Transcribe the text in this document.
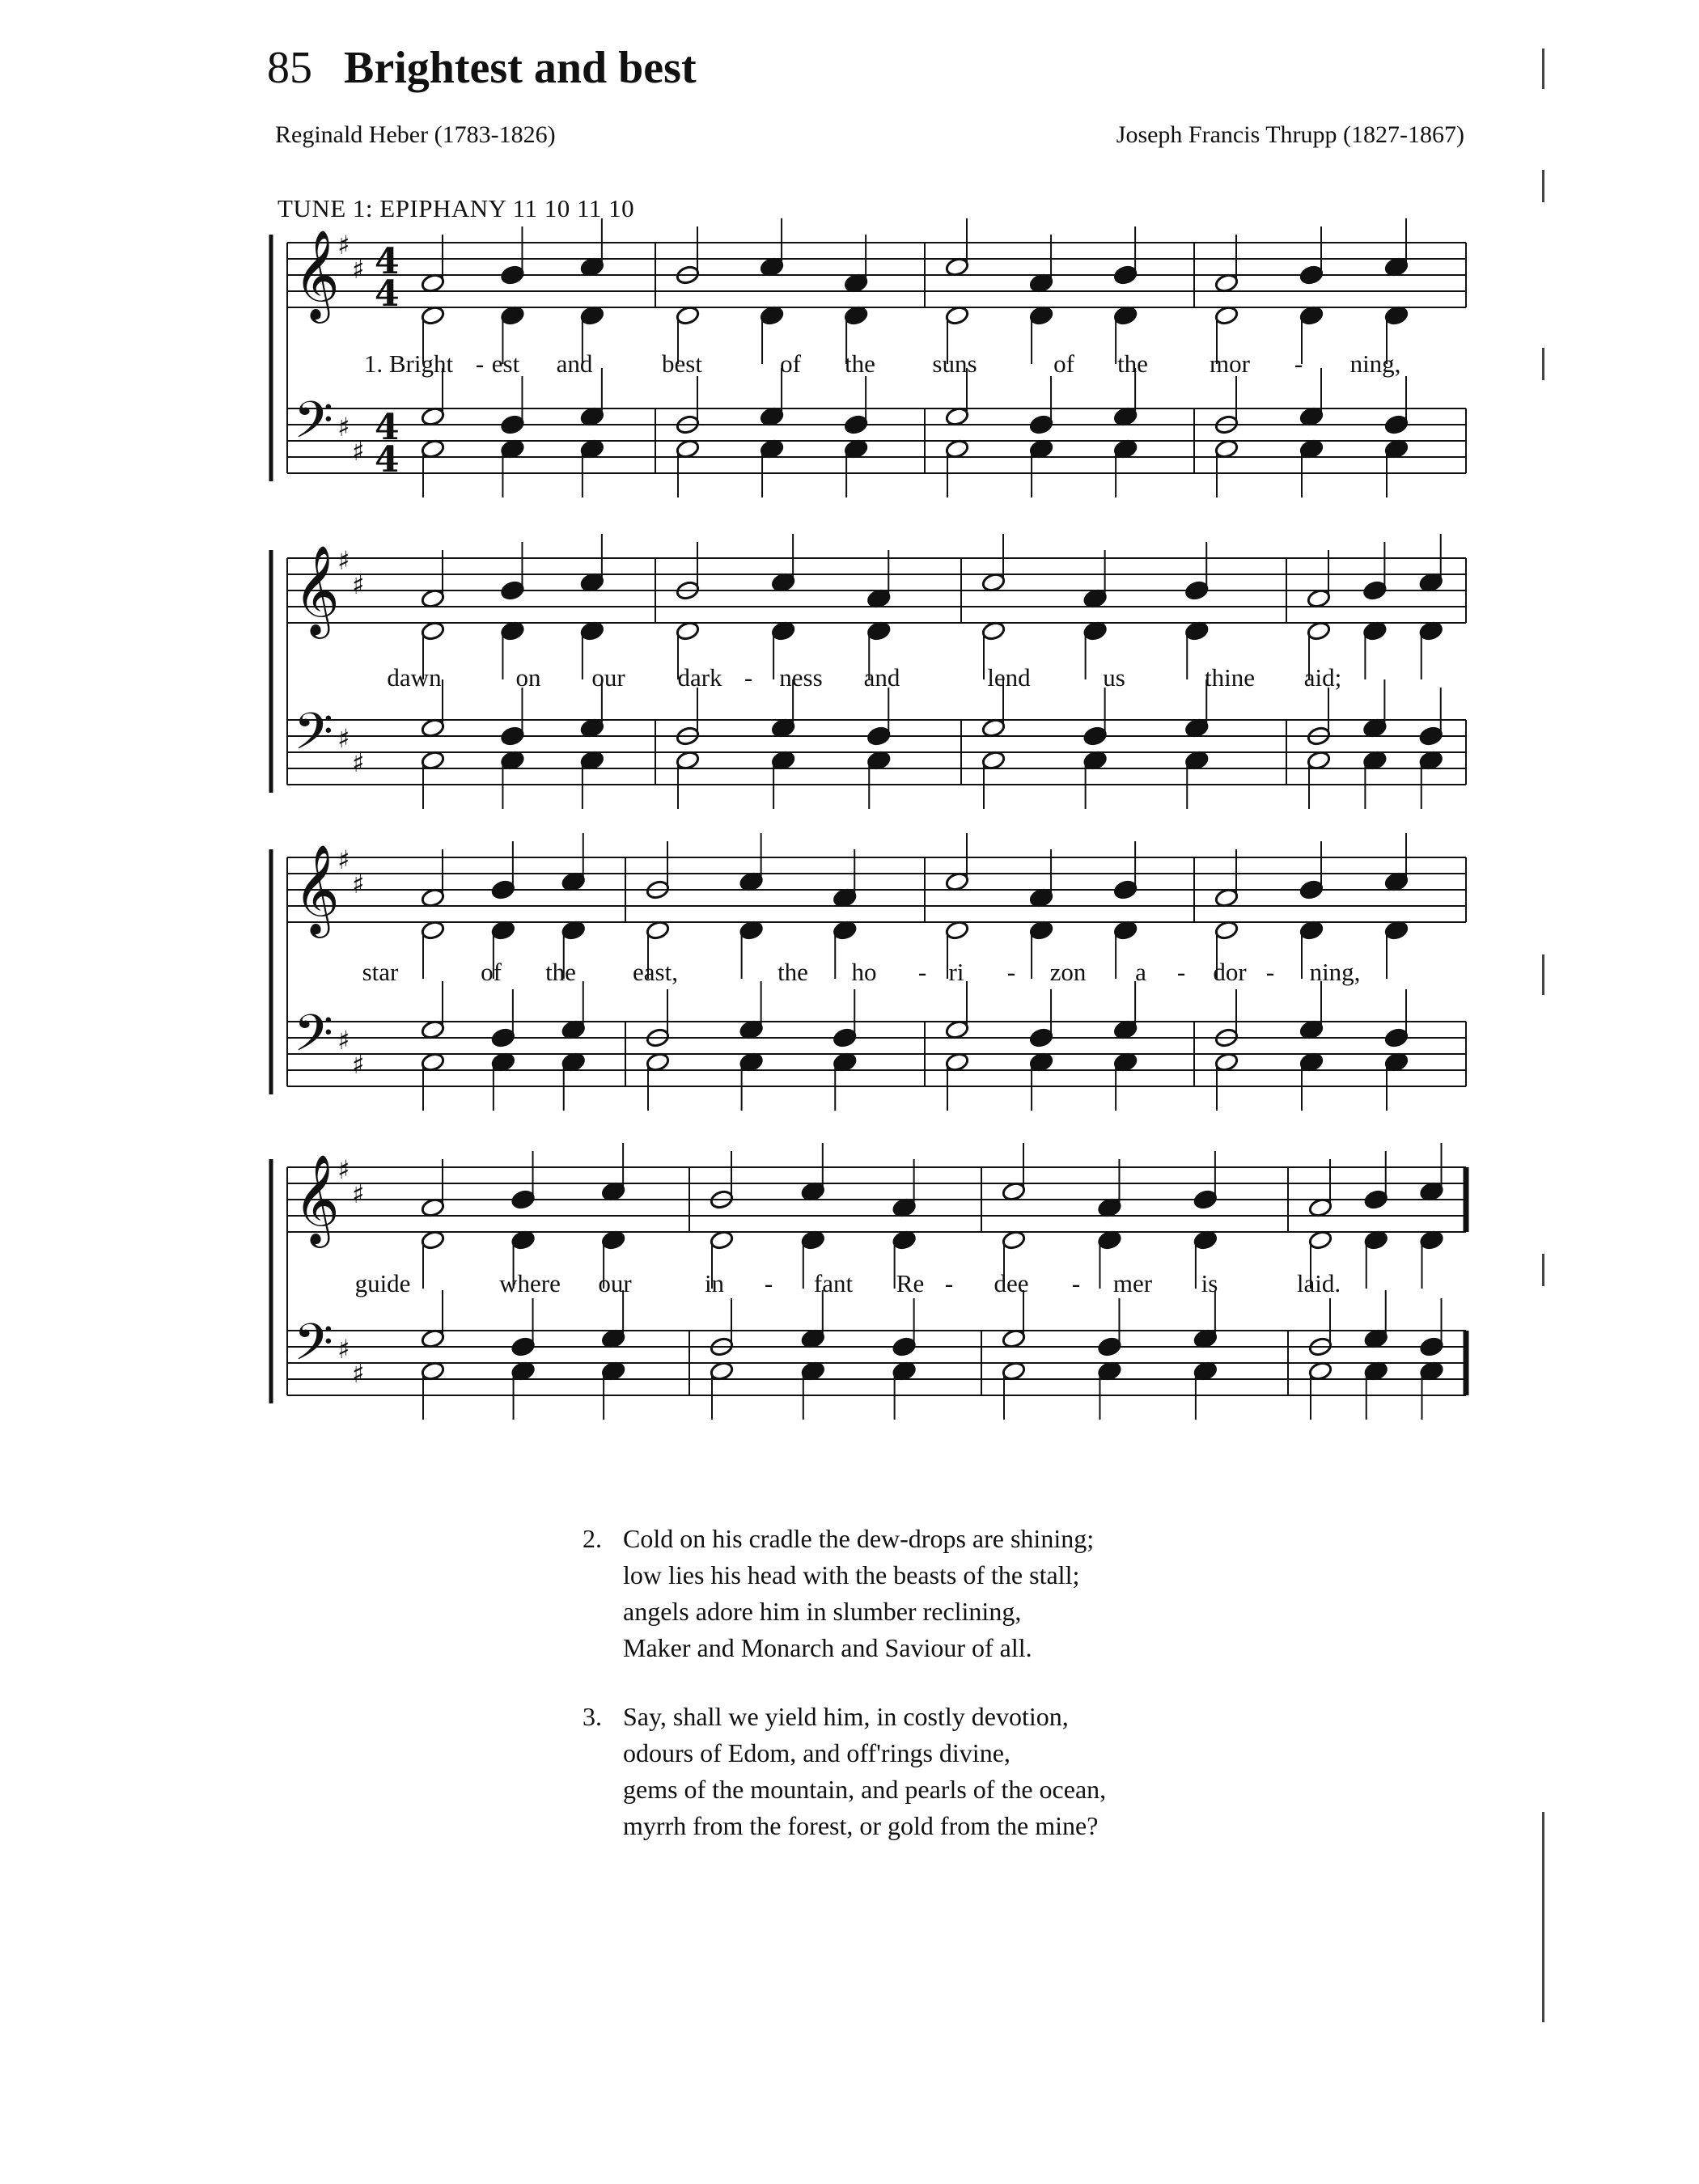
85 Brightest and best
Reginald Heber (1783-1826)	Joseph Francis Thrupp (1827-1867)
TUNE 1: EPIPHANY 11 10 11 10
𝄞
♯
♯ 4
4
𝄢 ♯
♯
4
4
1. Bright - est and	best	of the suns	of the mor - ning,
𝄞
♯
♯
𝄢 ♯
♯
dawn	on our dark - ness and	lend	us	thine aid;
𝄞
♯
♯
𝄢 ♯
♯
star	of the east,	the ho - ri - zon a - dor - ning,
𝄞
♯
♯
𝄢 ♯
♯
guide	where our	in - fant Re - dee - mer is	laid.
2. Cold on his cradle the dew-drops are shining;
low lies his head with the beasts of the stall;
angels adore him in slumber reclining,
Maker and Monarch and Saviour of all.
3. Say, shall we yield him, in costly devotion,
odours of Edom, and off'rings divine,
gems of the mountain, and pearls of the ocean,
myrrh from the forest, or gold from the mine?
